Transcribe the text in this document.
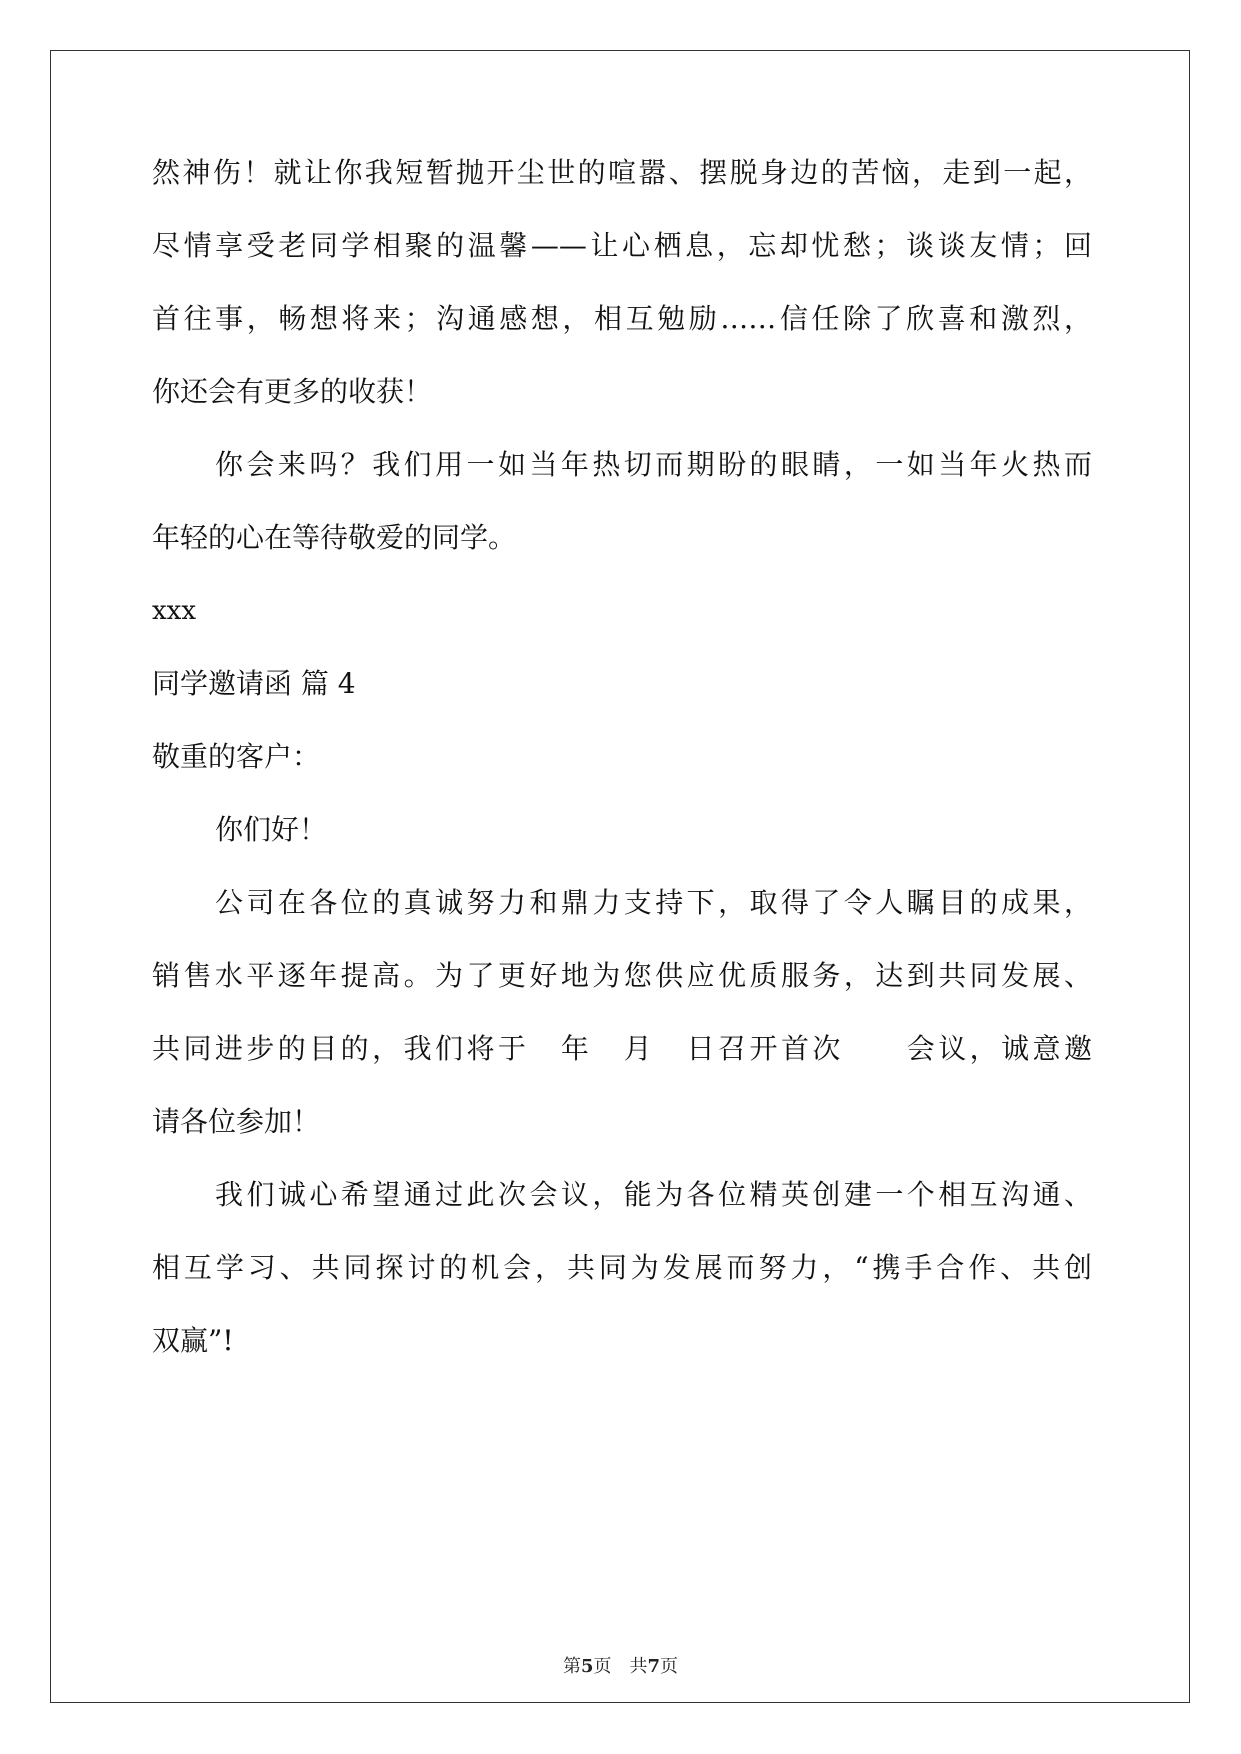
然神伤！就让你我短暂抛开尘世的喧嚣、摆脱身边的苦恼，走到一起，
尽情享受老同学相聚的温馨——让心栖息，忘却忧愁；谈谈友情；回
首往事，畅想将来；沟通感想，相互勉励……信任除了欣喜和激烈，
你还会有更多的收获！
你会来吗？我们用一如当年热切而期盼的眼睛，一如当年火热而
年轻的心在等待敬爱的同学。
xxx
同学邀请函 篇 4
敬重的客户：
你们好！
公司在各位的真诚努力和鼎力支持下，取得了令人瞩目的成果，
销售水平逐年提高。为了更好地为您供应优质服务，达到共同发展、
共同进步的目的，我们将于　年　月　日召开首次　　会议，诚意邀
请各位参加！
我们诚心希望通过此次会议，能为各位精英创建一个相互沟通、
相互学习、共同探讨的机会，共同为发展而努力，“携手合作、共创
双赢”!
第5页 共7页
